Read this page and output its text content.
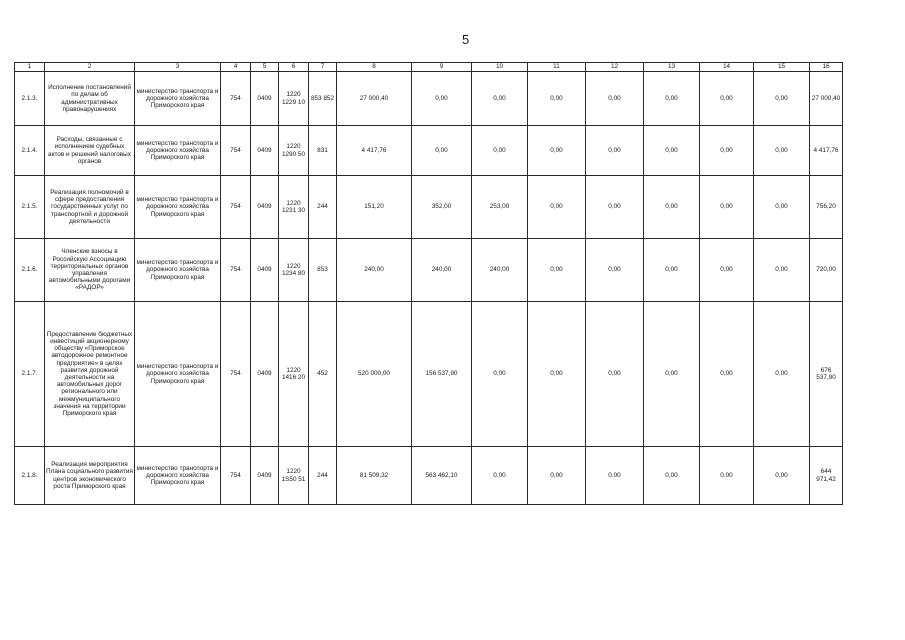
5
1	2	3	4	5	6	7	8	9	10	11	12	13	14	15	16
2.1.3.	Исполнение постановлений по делам об административных правонарушениях	министерство транспорта и дорожного хозяйства Приморского края	754	0409	1220 1229 10	853 852	27 000,40	0,00	0,00	0,00	0,00	0,00	0,00	0,00	27 000,40
2.1.4.	Расходы, связанные с исполнением судебных актов и решений налоговых органов	министерство транспорта и дорожного хозяйства Приморского края	754	0409	1220 1290 50	831	4 417,76	0,00	0,00	0,00	0,00	0,00	0,00	0,00	4 417,76
2.1.5.	Реализация полномочий в сфере предоставления государственных услуг по транспортной и дорожной деятельности	министерство транспорта и дорожного хозяйства Приморского края	754	0409	1220 1231 30	244	151,20	352,00	253,00	0,00	0,00	0,00	0,00	0,00	756,20
2.1.6.	Членские взносы в Российскую Ассоциацию территориальных органов управления автомобильными дорогами «РАДОР»	министерство транспорта и дорожного хозяйства Приморского края	754	0409	1220 1234 80	853	240,00	240,00	240,00	0,00	0,00	0,00	0,00	0,00	720,00
2.1.7.	Предоставление бюджетных инвестиций акционерному обществу «Приморское автодорожное ремонтное предприятие» в целях развития дорожной деятельности на автомобильных дорог регионального или межмуниципального значения на территории Приморского края	министерство транспорта и дорожного хозяйства Приморского края	754	0409	1220 1416 20	452	520 000,00	156 537,90	0,00	0,00	0,00	0,00	0,00	0,00	676 537,90
2.1.8.	Реализация мероприятия Плана социального развития центров экономического роста Приморского края	министерство транспорта и дорожного хозяйства Приморского края	754	0409	1220 1S50 51	244	81 509,32	563 462,10	0,00	0,00	0,00	0,00	0,00	0,00	644 971,42
